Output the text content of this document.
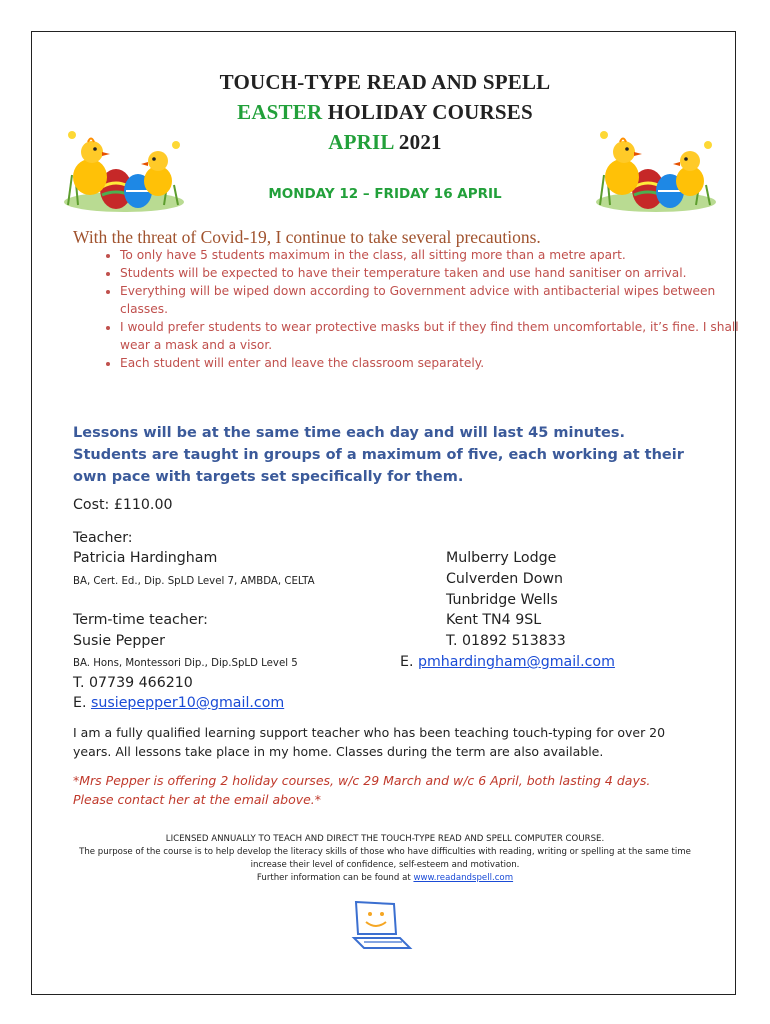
TOUCH-TYPE READ AND SPELL
EASTER HOLIDAY COURSES
APRIL 2021
MONDAY 12 – FRIDAY 16 APRIL
With the threat of Covid-19, I continue to take several precautions.
• To only have 5 students maximum in the class, all sitting more than a metre apart.
• Students will be expected to have their temperature taken and use hand sanitiser on arrival.
• Everything will be wiped down according to Government advice with antibacterial wipes between classes.
• I would prefer students to wear protective masks but if they find them uncomfortable, it’s fine. I shall wear a mask and a visor.
• Each student will enter and leave the classroom separately.
Lessons will be at the same time each day and will last 45 minutes. Students are taught in groups of a maximum of five, each working at their own pace with targets set specifically for them.
Cost: £110.00
Teacher:
Patricia Hardingham
BA, Cert. Ed., Dip. SpLD Level 7, AMBDA, CELTA
Term-time teacher:
Susie Pepper
BA. Hons, Montessori Dip., Dip.SpLD Level 5
T. 07739 466210
E. susiepepper10@gmail.com
Mulberry Lodge
Culverden Down
Tunbridge Wells
Kent TN4 9SL
T. 01892 513833
E. pmhardingham@gmail.com
I am a fully qualified learning support teacher who has been teaching touch-typing for over 20 years. All lessons take place in my home. Classes during the term are also available.
*Mrs Pepper is offering 2 holiday courses, w/c 29 March and w/c 6 April, both lasting 4 days. Please contact her at the email above.*
LICENSED ANNUALLY TO TEACH AND DIRECT THE TOUCH-TYPE READ AND SPELL COMPUTER COURSE.
The purpose of the course is to help develop the literacy skills of those who have difficulties with reading, writing or spelling at the same time increase their level of confidence, self-esteem and motivation.
Further information can be found at www.readandspell.com
